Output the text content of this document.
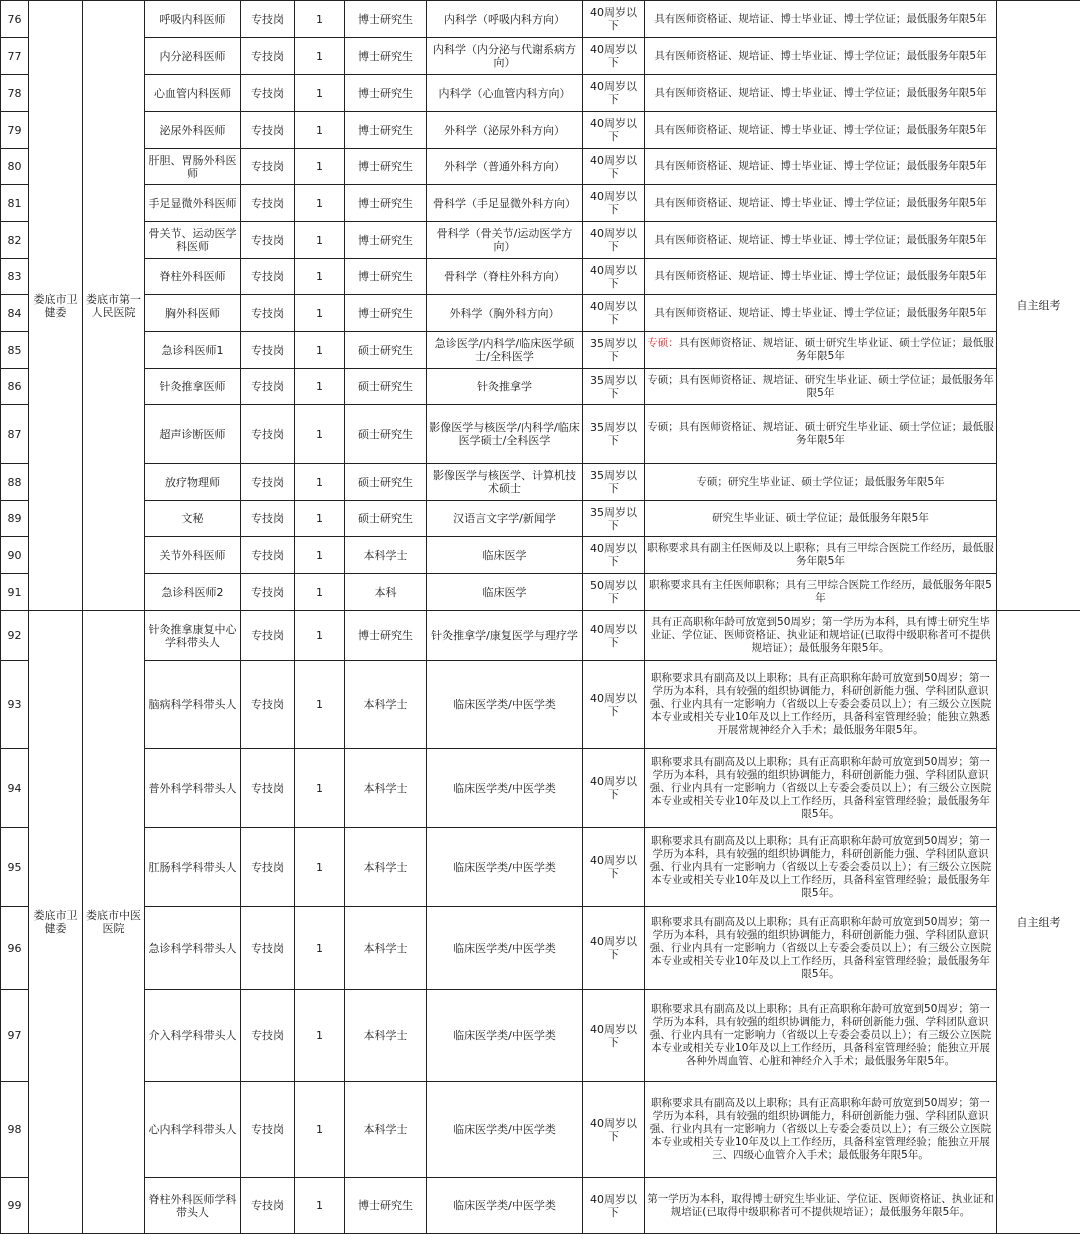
76	娄底市卫健委	娄底市第一人民医院	呼吸内科医师	专技岗	1	博士研究生	内科学（呼吸内科方向）	40周岁以下	具有医师资格证、规培证、博士毕业证、博士学位证；最低服务年限5年	自主组考
77			内分泌科医师	专技岗	1	博士研究生	内科学（内分泌与代谢系病方向）	40周岁以下	具有医师资格证、规培证、博士毕业证、博士学位证；最低服务年限5年	
78			心血管内科医师	专技岗	1	博士研究生	内科学（心血管内科方向）	40周岁以下	具有医师资格证、规培证、博士毕业证、博士学位证；最低服务年限5年	
79			泌尿外科医师	专技岗	1	博士研究生	外科学（泌尿外科方向）	40周岁以下	具有医师资格证、规培证、博士毕业证、博士学位证；最低服务年限5年	
80			肝胆、胃肠外科医师	专技岗	1	博士研究生	外科学（普通外科方向）	40周岁以下	具有医师资格证、规培证、博士毕业证、博士学位证；最低服务年限5年	
81			手足显微外科医师	专技岗	1	博士研究生	骨科学（手足显微外科方向）	40周岁以下	具有医师资格证、规培证、博士毕业证、博士学位证；最低服务年限5年	
82			骨关节、运动医学科医师	专技岗	1	博士研究生	骨科学（骨关节/运动医学方向）	40周岁以下	具有医师资格证、规培证、博士毕业证、博士学位证；最低服务年限5年	
83			脊柱外科医师	专技岗	1	博士研究生	骨科学（脊柱外科方向）	40周岁以下	具有医师资格证、规培证、博士毕业证、博士学位证；最低服务年限5年	
84			胸外科医师	专技岗	1	博士研究生	外科学（胸外科方向）	40周岁以下	具有医师资格证、规培证、博士毕业证、博士学位证；最低服务年限5年	
85			急诊科医师1	专技岗	1	硕士研究生	急诊医学/内科学/临床医学硕士/全科医学	35周岁以下	专硕：具有医师资格证、规培证、硕士研究生毕业证、硕士学位证；最低服务年限5年	
86			针灸推拿医师	专技岗	1	硕士研究生	针灸推拿学	35周岁以下	专硕；具有医师资格证、规培证、研究生毕业证、硕士学位证；最低服务年限5年	
87			超声诊断医师	专技岗	1	硕士研究生	影像医学与核医学/内科学/临床医学硕士/全科医学	35周岁以下	专硕；具有医师资格证、规培证、硕士研究生毕业证、硕士学位证；最低服务年限5年	
88			放疗物理师	专技岗	1	硕士研究生	影像医学与核医学、计算机技术硕士	35周岁以下	专硕；研究生毕业证、硕士学位证；最低服务年限5年	
89			文秘	专技岗	1	硕士研究生	汉语言文字学/新闻学	35周岁以下	研究生毕业证、硕士学位证；最低服务年限5年	
90			关节外科医师	专技岗	1	本科学士	临床医学	40周岁以下	职称要求具有副主任医师及以上职称；具有三甲综合医院工作经历，最低服务年限5年	
91			急诊科医师2	专技岗	1	本科	临床医学	50周岁以下	职称要求具有主任医师职称；具有三甲综合医院工作经历，最低服务年限5年	
92	娄底市卫健委	娄底市中医医院	针灸推拿康复中心学科带头人	专技岗	1	博士研究生	针灸推拿学/康复医学与理疗学	40周岁以下	具有正高职称年龄可放宽到50周岁；第一学历为本科，具有博士研究生毕业证、学位证、医师资格证、执业证和规培证(已取得中级职称者可不提供规培证）；最低服务年限5年。	自主组考
93			脑病科学科带头人	专技岗	1	本科学士	临床医学类/中医学类	40周岁以下	职称要求具有副高及以上职称；具有正高职称年龄可放宽到50周岁；第一学历为本科，具有较强的组织协调能力，科研创新能力强、学科团队意识强、行业内具有一定影响力（省级以上专委会委员以上）；有三级公立医院本专业或相关专业10年及以上工作经历，具备科室管理经验；能独立熟悉开展常规神经介入手术；最低服务年限5年。	
94			普外科学科带头人	专技岗	1	本科学士	临床医学类/中医学类	40周岁以下	职称要求具有副高及以上职称；具有正高职称年龄可放宽到50周岁；第一学历为本科，具有较强的组织协调能力，科研创新能力强、学科团队意识强、行业内具有一定影响力（省级以上专委会委员以上）；有三级公立医院本专业或相关专业10年及以上工作经历，具备科室管理经验；最低服务年限5年。	
95			肛肠科学科带头人	专技岗	1	本科学士	临床医学类/中医学类	40周岁以下	职称要求具有副高及以上职称；具有正高职称年龄可放宽到50周岁；第一学历为本科，具有较强的组织协调能力，科研创新能力强、学科团队意识强、行业内具有一定影响力（省级以上专委会委员以上）；有三级公立医院本专业或相关专业10年及以上工作经历，具备科室管理经验；最低服务年限5年。	
96			急诊科学科带头人	专技岗	1	本科学士	临床医学类/中医学类	40周岁以下	职称要求具有副高及以上职称；具有正高职称年龄可放宽到50周岁；第一学历为本科，具有较强的组织协调能力，科研创新能力强、学科团队意识强、行业内具有一定影响力（省级以上专委会委员以上）；有三级公立医院本专业或相关专业10年及以上工作经历，具备科室管理经验；最低服务年限5年。	
97			介入科学科带头人	专技岗	1	本科学士	临床医学类/中医学类	40周岁以下	职称要求具有副高及以上职称；具有正高职称年龄可放宽到50周岁；第一学历为本科，具有较强的组织协调能力，科研创新能力强、学科团队意识强、行业内具有一定影响力（省级以上专委会委员以上）；有三级公立医院本专业或相关专业10年及以上工作经历，具备科室管理经验；能独立开展各种外周血管、心脏和神经介入手术；最低服务年限5年。	
98			心内科学科带头人	专技岗	1	本科学士	临床医学类/中医学类	40周岁以下	职称要求具有副高及以上职称；具有正高职称年龄可放宽到50周岁；第一学历为本科，具有较强的组织协调能力，科研创新能力强、学科团队意识强、行业内具有一定影响力（省级以上专委会委员以上）；有三级公立医院本专业或相关专业10年及以上工作经历，具备科室管理经验；能独立开展三、四级心血管介入手术；最低服务年限5年。	
99			脊柱外科医师学科带头人	专技岗	1	博士研究生	临床医学类/中医学类	40周岁以下	第一学历为本科，取得博士研究生毕业证、学位证、医师资格证、执业证和规培证(已取得中级职称者可不提供规培证）；最低服务年限5年。	
